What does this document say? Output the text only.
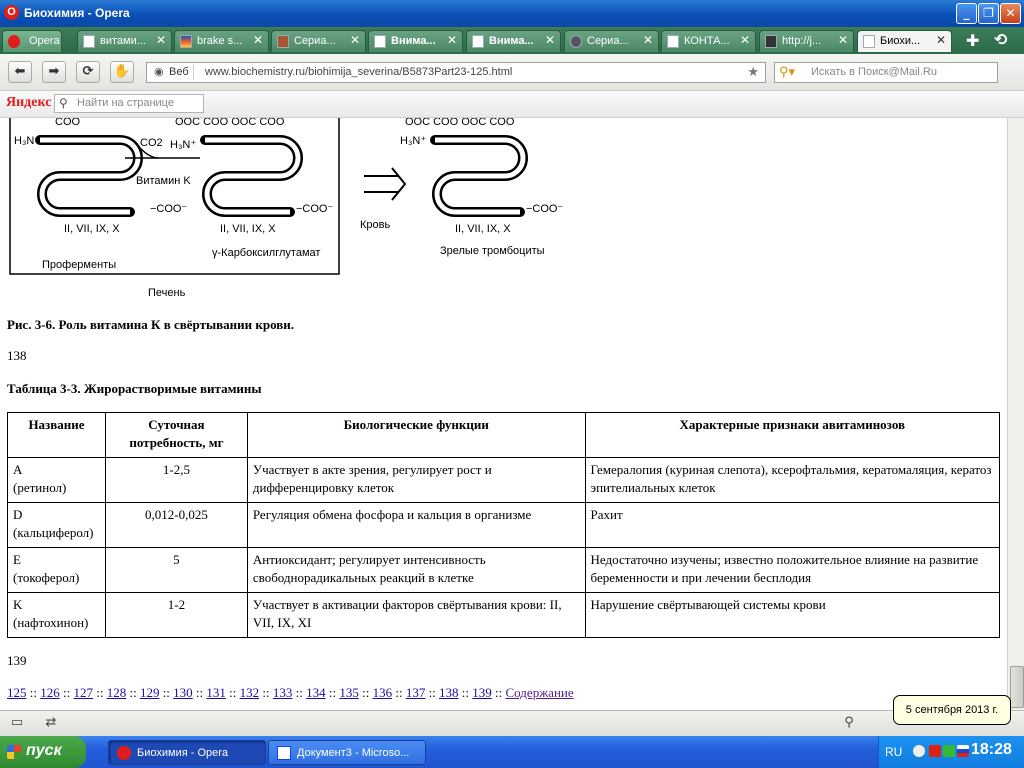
O Биохимия - Opera	_	❐ ✕
Opera	витами... ✕	brake s... ✕	Сериа... ✕	Внима... ✕	Внима... ✕	Сериа... ✕	КОНТА... ✕	http://j... ✕	Биохи... ✕ ✚ ⟲
⬅	➡	⟳	✋	◉ Веб	www.biochemistry.ru/biohimija_severina/B5873Part23-125.html	★ ⚲▾ Искать в Поиск@Mail.Ru
Яндекс ⚲ Найти на странице
H₃N⁺
COO
CO2
Витамин K
−COO⁻
II, VII, IX, X
Проферменты
H₃N⁺
OOC COO OOC COO
−COO⁻
II, VII, IX, X
γ-Карбоксилглутамат
Кровь
H₃N⁺
OOC COO OOC COO
−COO⁻
II, VII, IX, X
Зрелые тромбоциты
Печень
Рис. 3-6. Роль витамина К в свёртывании крови.
138
Таблица 3-3. Жирорастворимые витамины
Название	Суточная потребность, мг	Биологические функции	Характерные признаки авитаминозов
A
(ретинол)	1-2,5	Участвует в акте зрения, регулирует рост и дифференцировку клеток	Гемералопия (куриная слепота), ксерофтальмия, кератомаляция, кератоз эпителиальных клеток
D
(кальциферол)	0,012-0,025	Регуляция обмена фосфора и кальция в организме	Рахит
E
(токоферол)	5	Антиоксидант; регулирует интенсивность свободнорадикальных реакций в клетке	Недостаточно изучены; известно положительное влияние на развитие беременности и при лечении бесплодия
K
(нафтохинон)	1-2	Участвует в активации факторов свёртывания крови: II, VII, IX, XI	Нарушение свёртывающей системы крови
139
125 :: 126 :: 127 :: 128 :: 129 :: 130 :: 131 :: 132 :: 133 :: 134 :: 135 :: 136 :: 137 :: 138 :: 139 :: Содержание
▭	⇄	⚲
5 сентября 2013 г.
пуск	Биохимия - Opera	Документ3 - Microso...	RU	18:28
